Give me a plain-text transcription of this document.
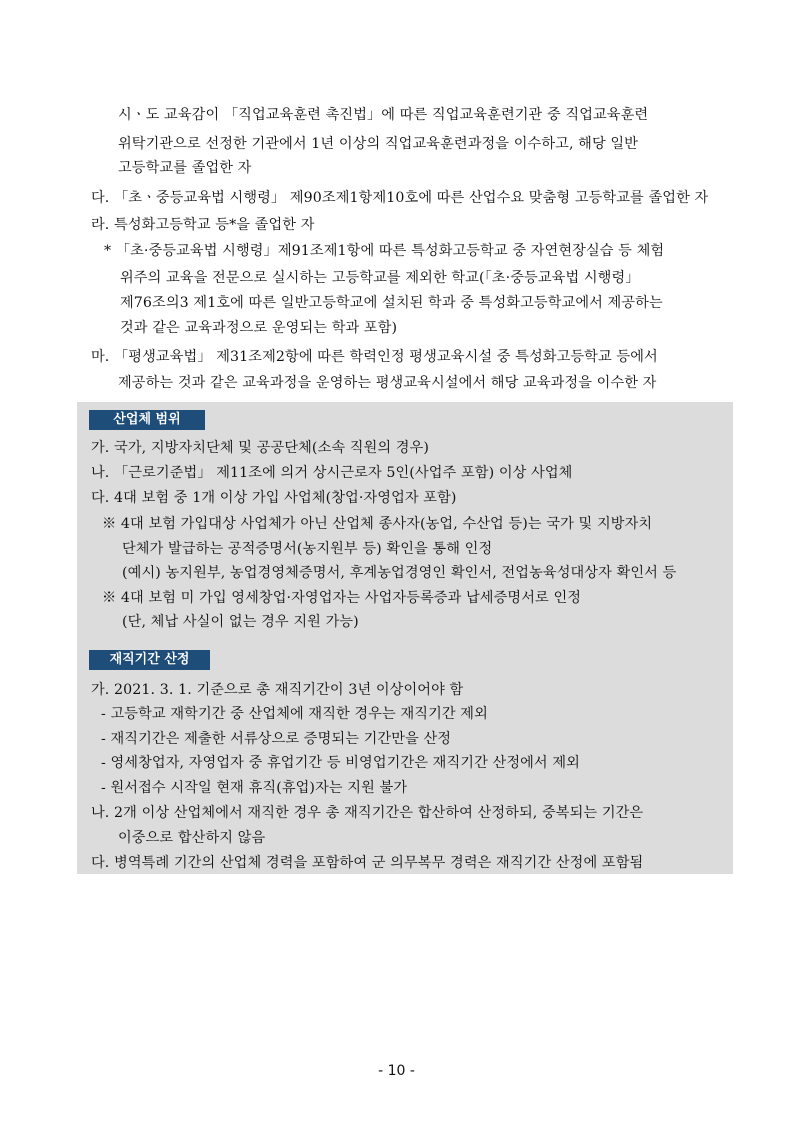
시ㆍ도 교육감이 「직업교육훈련 촉진법」에 따른 직업교육훈련기관 중 직업교육훈련
위탁기관으로 선정한 기관에서 1년 이상의 직업교육훈련과정을 이수하고, 해당 일반
고등학교를 졸업한 자
다. 「초ㆍ중등교육법 시행령」 제90조제1항제10호에 따른 산업수요 맞춤형 고등학교를 졸업한 자
라. 특성화고등학교 등*을 졸업한 자
* 「초·중등교육법 시행령」제91조제1항에 따른 특성화고등학교 중 자연현장실습 등 체험
위주의 교육을 전문으로 실시하는 고등학교를 제외한 학교(「초·중등교육법 시행령」
제76조의3 제1호에 따른 일반고등학교에 설치된 학과 중 특성화고등학교에서 제공하는
것과 같은 교육과정으로 운영되는 학과 포함)
마. 「평생교육법」 제31조제2항에 따른 학력인정 평생교육시설 중 특성화고등학교 등에서
제공하는 것과 같은 교육과정을 운영하는 평생교육시설에서 해당 교육과정을 이수한 자
산업체 범위
가. 국가, 지방자치단체 및 공공단체(소속 직원의 경우)
나. 「근로기준법」 제11조에 의거 상시근로자 5인(사업주 포함) 이상 사업체
다. 4대 보험 중 1개 이상 가입 사업체(창업·자영업자 포함)
※ 4대 보험 가입대상 사업체가 아닌 산업체 종사자(농업, 수산업 등)는 국가 및 지방자치
단체가 발급하는 공적증명서(농지원부 등) 확인을 통해 인정
(예시) 농지원부, 농업경영체증명서, 후계농업경영인 확인서, 전업농육성대상자 확인서 등
※ 4대 보험 미 가입 영세창업·자영업자는 사업자등록증과 납세증명서로 인정
(단, 체납 사실이 없는 경우 지원 가능)
재직기간 산정
가. 2021. 3. 1. 기준으로 총 재직기간이 3년 이상이어야 함
- 고등학교 재학기간 중 산업체에 재직한 경우는 재직기간 제외
- 재직기간은 제출한 서류상으로 증명되는 기간만을 산정
- 영세창업자, 자영업자 중 휴업기간 등 비영업기간은 재직기간 산정에서 제외
- 원서접수 시작일 현재 휴직(휴업)자는 지원 불가
나. 2개 이상 산업체에서 재직한 경우 총 재직기간은 합산하여 산정하되, 중복되는 기간은
이중으로 합산하지 않음
다. 병역특례 기간의 산업체 경력을 포함하여 군 의무복무 경력은 재직기간 산정에 포함됨
- 10 -
